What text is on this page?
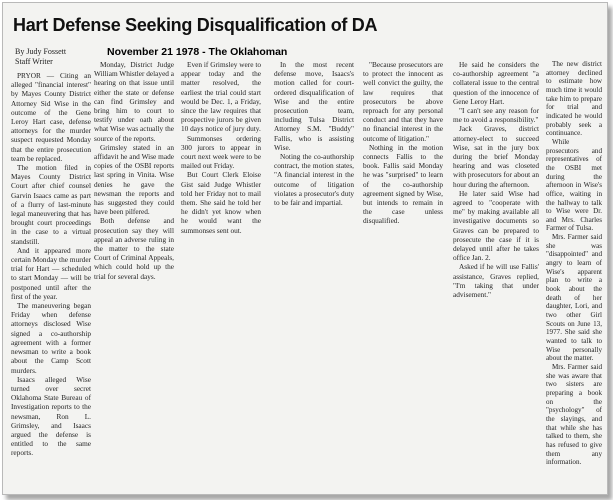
Hart Defense Seeking Disqualification of DA
By Judy Fossett
Staff Writer
November 21 1978 - The Oklahoman

PRYOR — Citing an alleged "financial interest" by Mayes County District Attorney Sid Wise in the outcome of the Gene Leroy Hart case, defense attorneys for the murder suspect requested Monday that the entire prosecution team be replaced.

The motion filed in Mayes County District Court after chief counsel Garvin Isaacs came as part of a flurry of last-minute legal maneuvering that has brought court proceedings in the case to a virtual standstill.

And it appeared more certain Monday the murder trial for Hart — scheduled to start Monday — will be postponed until after the first of the year.

The maneuvering began Friday when defense attorneys disclosed Wise signed a co-authorship agreement with a former newsman to write a book about the Camp Scott murders.

Isaacs alleged Wise turned over secret Oklahoma State Bureau of Investigation reports to the newsman, Ron L. Grimsley, and Isaacs argued the defense is entitled to the same reports.

Monday, District Judge William Whistler delayed a hearing on that issue until either the state or defense can find Grimsley and bring him to court to testify under oath about what Wise was actually the source of the reports.

Grimsley stated in an affidavit he and Wise made copies of the OSBI reports last spring in Vinita. Wise denies he gave the newsman the reports and has suggested they could have been pilfered.

Both defense and prosecution say they will appeal an adverse ruling in the matter to the state Court of Criminal Appeals, which could hold up the trial for several days.

Even if Grimsley were to appear today and the matter resolved, the earliest the trial could start would be Dec. 1, a Friday, since the law requires that prospective jurors be given 10 days notice of jury duty.

Summonses ordering 300 jurors to appear in court next week were to be mailed out Friday.

But Court Clerk Eloise Gist said Judge Whistler told her Friday not to mail them. She said he told her he didn't yet know when he would want the summonses sent out.

In the most recent defense move, Isaacs's motion called for court-ordered disqualification of Wise and the entire prosecution team, including Tulsa District Attorney S.M. "Buddy" Fallis, who is assisting Wise.

Noting the co-authorship contract, the motion states, "A financial interest in the outcome of litigation violates a prosecutor's duty to be fair and impartial.

"Because prosecutors are to protect the innocent as well convict the guilty, the law requires that prosecutors be above reproach for any personal conduct and that they have no financial interest in the outcome of litigation."

Nothing in the motion connects Fallis to the book. Fallis said Monday he was "surprised" to learn of the co-authorship agreement signed by Wise, but intends to remain in the case unless disqualified.

He said he considers the co-authorship agreement "a collateral issue to the central question of the innocence of Gene Leroy Hart.

"I can't see any reason for me to avoid a responsibility."

Jack Graves, district attorney-elect to succeed Wise, sat in the jury box during the brief Monday hearing and was closeted with prosecutors for about an hour during the afternoon.

He later said Wise had agreed to "cooperate with me" by making available all investigative documents so Graves can be prepared to prosecute the case if it is delayed until after he takes office Jan. 2.

Asked if he will use Fallis' assistance, Graves replied, "I'm taking that under advisement."

The new district attorney declined to estimate how much time it would take him to prepare for trial and indicated he would probably seek a continuance.

While prosecutors and representatives of the OSBI met during the afternoon in Wise's office, waiting in the hallway to talk to Wise were Dr. and Mrs. Charles Farmer of Tulsa.

Mrs. Farmer said she was "disappointed" and angry to learn of Wise's apparent plan to write a book about the death of her daughter, Lori, and two other Girl Scouts on June 13, 1977. She said she wanted to talk to Wise personally about the matter.

Mrs. Farmer said she was aware that two sisters are preparing a book on the "psychology" of the slayings, and that while she has talked to them, she has refused to give them any information.
